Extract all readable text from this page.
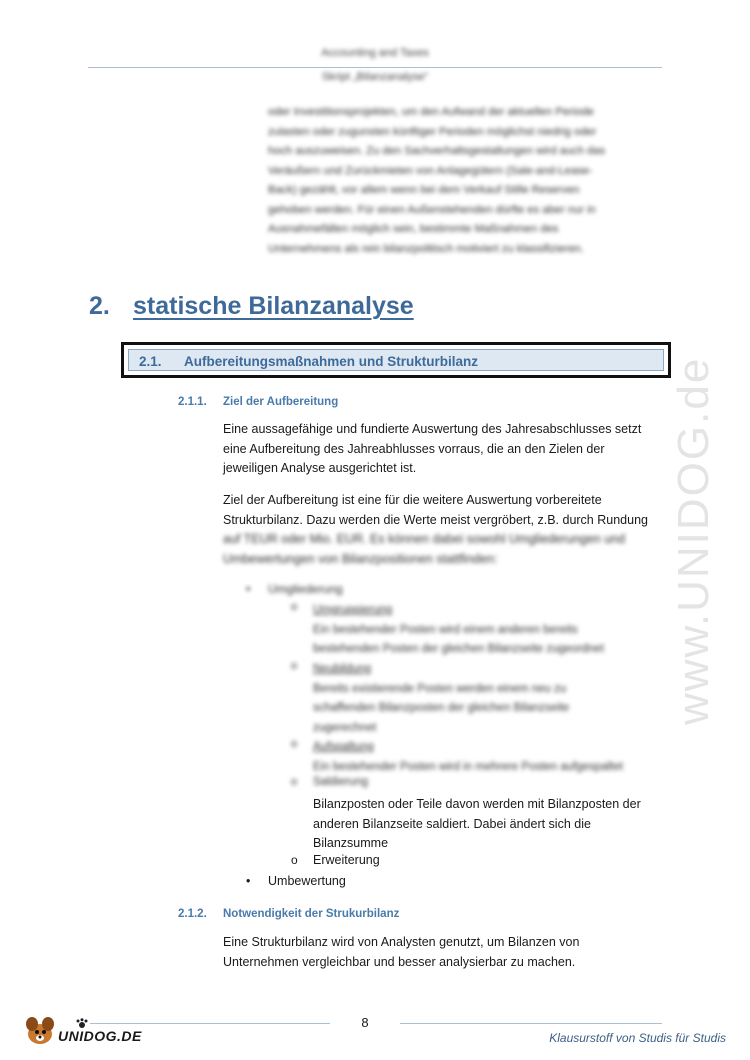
Accounting and Taxes
Skript „Bilanzanalyse“
oder Investitionsprojekten, um den Aufwand der aktuellen Periode
zulasten oder zugunsten künftiger Perioden möglichst niedrig oder
hoch auszuweisen. Zu den Sachverhaltsgestaltungen wird auch das
Veräußern und Zurückmieten von Anlagegütern (Sale-and-Lease-
Back) gezählt, vor allem wenn bei dem Verkauf Stille Reserven
gehoben werden. Für einen Außenstehenden dürfte es aber nur in
Ausnahmefällen möglich sein, bestimmte Maßnahmen des
Unternehmens als rein bilanzpolitisch motiviert zu klassifizieren.
2. statische Bilanzanalyse
2.1. Aufbereitungsmaßnahmen und Strukturbilanz
2.1.1. Ziel der Aufbereitung
Eine aussagefähige und fundierte Auswertung des Jahresabschlusses setzt
eine Aufbereitung des Jahreabhlusses vorraus, die an den Zielen der
jeweiligen Analyse ausgerichtet ist.
Ziel der Aufbereitung ist eine für die weitere Auswertung vorbereitete
Strukturbilanz. Dazu werden die Werte meist vergröbert, z.B. durch Rundung
auf TEUR oder Mio. EUR. Es können dabei sowohl Umgliederungen und
Umbewertungen von Bilanzpositionen stattfinden:
• Umgliederung
o Umgruppierung
Ein bestehender Posten wird einem anderen bereits
bestehenden Posten der gleichen Bilanzseite zugeordnet
o Neubildung
Bereits existierende Posten werden einem neu zu
schaffenden Bilanzposten der gleichen Bilanzseite
zugerechnet
o Aufspaltung
Ein bestehender Posten wird in mehrere Posten aufgespaltet
o Saldierung
Bilanzposten oder Teile davon werden mit Bilanzposten der
anderen Bilanzseite saldiert. Dabei ändert sich die
Bilanzsumme
o Erweiterung
• Umbewertung
2.1.2. Notwendigkeit der Strukurbilanz
Eine Strukturbilanz wird von Analysten genutzt, um Bilanzen von
Unternehmen vergleichbar und besser analysierbar zu machen.
www.UNIDOG.de
8
UNIDOG.DE	Klausurstoff von Studis für Studis
